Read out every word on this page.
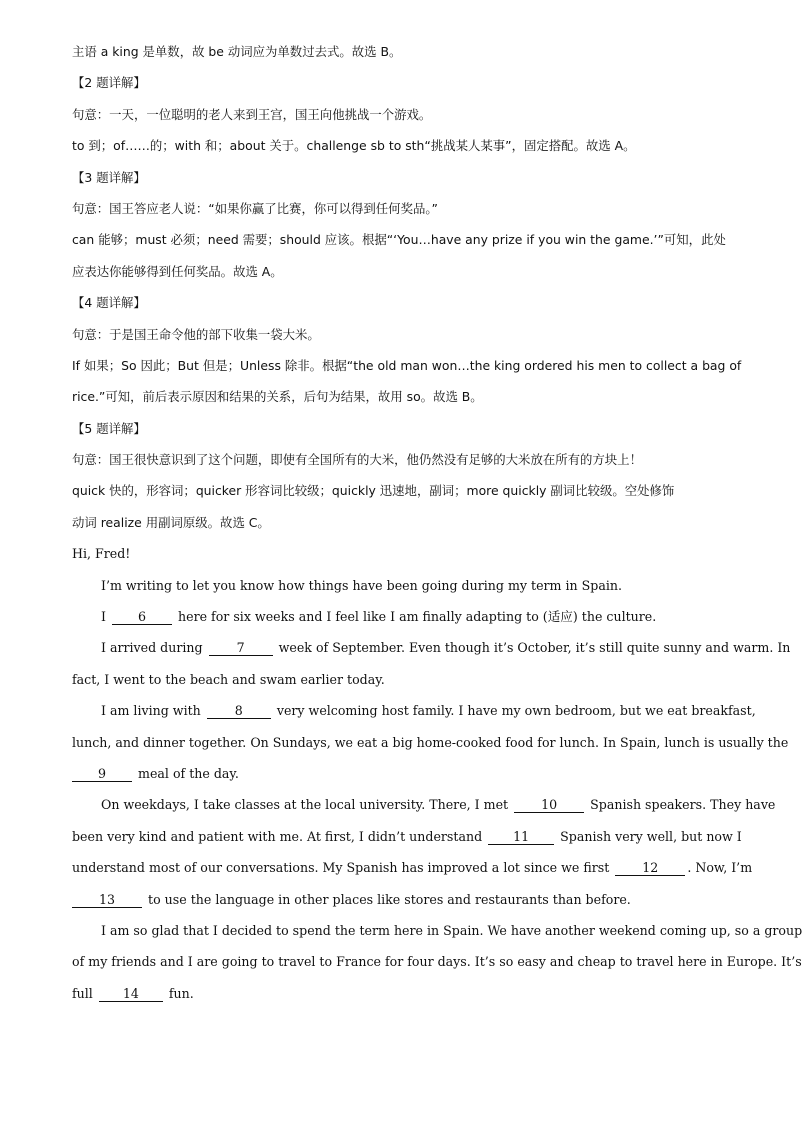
主语 a king 是单数，故 be 动词应为单数过去式。故选 B。
【2 题详解】
句意：一天，一位聪明的老人来到王宫，国王向他挑战一个游戏。
to 到；of……的；with 和；about 关于。challenge sb to sth“挑战某人某事”，固定搭配。故选 A。
【3 题详解】
句意：国王答应老人说：“如果你赢了比赛，你可以得到任何奖品。”
can 能够；must 必须；need 需要；should 应该。根据“‘You…have any prize if you win the game.’”可知，此处
应表达你能够得到任何奖品。故选 A。
【4 题详解】
句意：于是国王命令他的部下收集一袋大米。
If 如果；So 因此；But 但是；Unless 除非。根据“the old man won…the king ordered his men to collect a bag of
rice.”可知，前后表示原因和结果的关系，后句为结果，故用 so。故选 B。
【5 题详解】
句意：国王很快意识到了这个问题，即使有全国所有的大米，他仍然没有足够的大米放在所有的方块上！
quick 快的，形容词；quicker 形容词比较级；quickly 迅速地，副词；more quickly 副词比较级。空处修饰
动词 realize 用副词原级。故选 C。
Hi, Fred!
I’m writing to let you know how things have been going during my term in Spain.
I	6	here for six weeks and I feel like I am finally adapting to (适应) the culture.
I arrived during	7	week of September. Even though it’s October, it’s still quite sunny and warm. In
fact, I went to the beach and swam earlier today.
I am living with	8	very welcoming host family. I have my own bedroom, but we eat breakfast,
lunch, and dinner together. On Sundays, we eat a big home-cooked food for lunch. In Spain, lunch is usually the
9	meal of the day.
On weekdays, I take classes at the local university. There, I met	10	Spanish speakers. They have
been very kind and patient with me. At first, I didn’t understand 11 Spanish very well, but now I
understand most of our conversations. My Spanish has improved a lot since we first	12 . Now, I’m
13	to use the language in other places like stores and restaurants than before.
I am so glad that I decided to spend the term here in Spain. We have another weekend coming up, so a group
of my friends and I are going to travel to France for four days. It’s so easy and cheap to travel here in Europe. It’s
full 14 fun.
